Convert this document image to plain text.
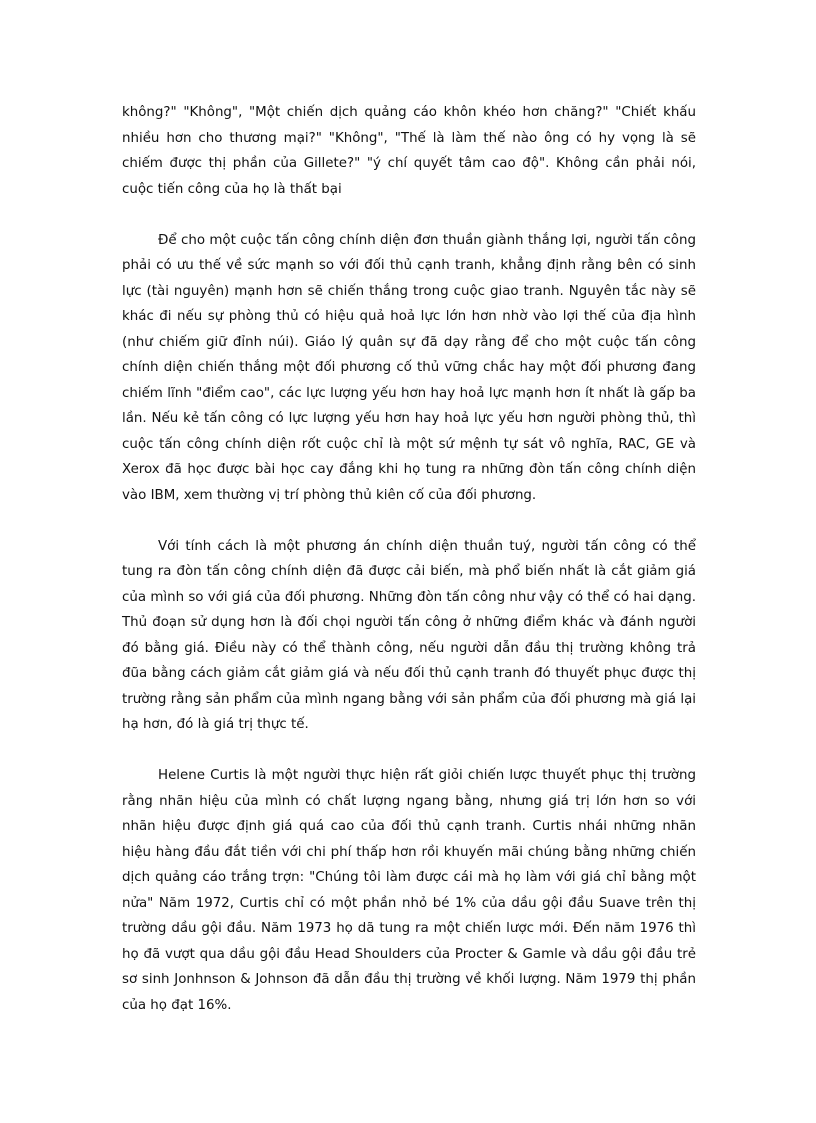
không?" "Không", "Một chiến dịch quảng cáo khôn khéo hơn chăng?" "Chiết khấu nhiều hơn cho thương mại?" "Không", "Thế là làm thế nào ông có hy vọng là sẽ chiếm được thị phần của Gillete?" "ý chí quyết tâm cao độ". Không cần phải nói, cuộc tiến công của họ là thất bại

Để cho một cuộc tấn công chính diện đơn thuần giành thắng lợi, người tấn công phải có ưu thế về sức mạnh so với đối thủ cạnh tranh, khẳng định rằng bên có sinh lực (tài nguyên) mạnh hơn sẽ chiến thắng trong cuộc giao tranh. Nguyên tắc này sẽ khác đi nếu sự phòng thủ có hiệu quả hoả lực lớn hơn nhờ vào lợi thế của địa hình (như chiếm giữ đỉnh núi). Giáo lý quân sự đã dạy rằng để cho một cuộc tấn công chính diện chiến thắng một đối phương cố thủ vững chắc hay một đối phương đang chiếm lĩnh "điểm cao", các lực lượng yếu hơn hay hoả lực mạnh hơn ít nhất là gấp ba lần. Nếu kẻ tấn công có lực lượng yếu hơn hay hoả lực yếu hơn người phòng thủ, thì cuộc tấn công chính diện rốt cuộc chỉ là một sứ mệnh tự sát vô nghĩa, RAC, GE và Xerox đã học được bài học cay đắng khi họ tung ra những đòn tấn công chính diện vào IBM, xem thường vị trí phòng thủ kiên cố của đối phương.

Với tính cách là một phương án chính diện thuần tuý, người tấn công có thể tung ra đòn tấn công chính diện đã được cải biến, mà phổ biến nhất là cắt giảm giá của mình so với giá của đối phương. Những đòn tấn công như vậy có thể có hai dạng. Thủ đoạn sử dụng hơn là đối chọi người tấn công ở những điểm khác và đánh người đó bằng giá. Điều này có thể thành công, nếu người dẫn đầu thị trường không trả đũa bằng cách giảm cắt giảm giá và nếu đối thủ cạnh tranh đó thuyết phục được thị trường rằng sản phẩm của mình ngang bằng với sản phẩm của đối phương mà giá lại hạ hơn, đó là giá trị thực tế.

Helene Curtis là một người thực hiện rất giỏi chiến lược thuyết phục thị trường rằng nhãn hiệu của mình có chất lượng ngang bằng, nhưng giá trị lớn hơn so với nhãn hiệu được định giá quá cao của đối thủ cạnh tranh. Curtis nhái những nhãn hiệu hàng đầu đắt tiền với chi phí thấp hơn rồi khuyến mãi chúng bằng những chiến dịch quảng cáo trắng trợn: "Chúng tôi làm được cái mà họ làm với giá chỉ bằng một nửa" Năm 1972, Curtis chỉ có một phần nhỏ bé 1% của dầu gội đầu Suave trên thị trường dầu gội đầu. Năm 1973 họ dã tung ra một chiến lược mới. Đến năm 1976 thì họ đã vượt qua dầu gội đầu Head Shoulders của Procter & Gamle và dầu gội đầu trẻ sơ sinh Jonhnson & Johnson đã dẫn đầu thị trường về khối lượng. Năm 1979 thị phần của họ đạt 16%.
